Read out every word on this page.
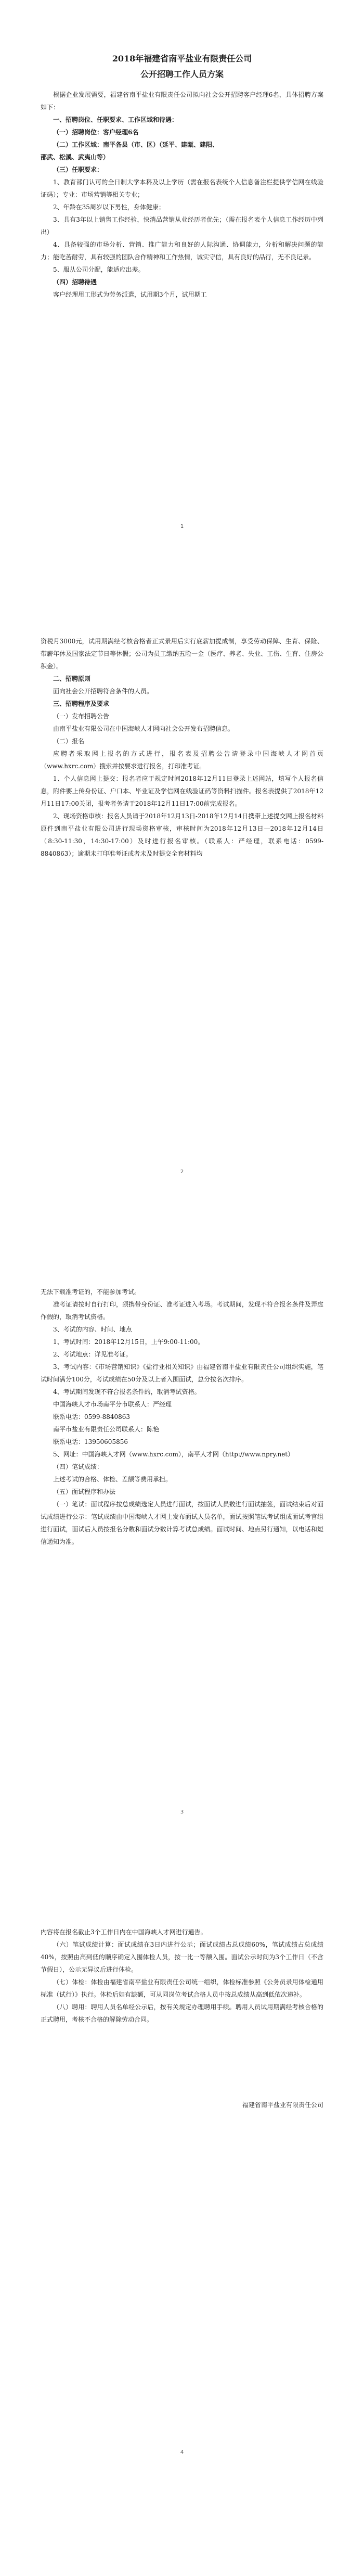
2018年福建省南平盐业有限责任公司
公开招聘工作人员方案

根据企业发展需要，福建省南平盐业有限责任公司拟向社会公开招聘客户经理6名，具体招聘方案如下：

一、招聘岗位、任职要求、工作区域和待遇：

（一）招聘岗位：客户经理6名

（二）工作区域：南平各县（市、区）（延平、建瓯、建阳、

邵武、松溪、武夷山等）

（三）任职要求：

1、教育部门认可的全日制大学本科及以上学历（需在报名表统个人信息备注栏提供学信网在线验证码）；专业：市场营销等相关专业；

2、年龄在35周岁以下男性，身体健康；

3、具有3年以上销售工作经验，快消品营销从业经历者优先；（需在报名表个人信息工作经历中列出）

4、具备较强的市场分析、营销、推广能力和良好的人际沟通、协调能力，分析和解决问题的能力；能吃苦耐劳，具有较强的团队合作精神和工作热情，诚实守信，具有良好的品行，无不良记录。

5、服从公司分配，能适应出差。

（四）招聘待遇

客户经理用工形式为劳务派遣，试用期3个月，试用期工

1

资税月3000元，试用期满经考核合格者正式录用后实行底薪加提成制，享受劳动保障、生育、保险、带薪年休及国家法定节日等休假；公司为员工缴纳五险一金（医疗、养老、失业、工伤、生育、住房公积金）。

二、招聘原则

面向社会公开招聘符合条件的人员。

三、招聘程序及要求

（一）发布招聘公告

由南平盐业有限公司在中国海峡人才网向社会公开发布招聘信息。

（二）报名

应聘者采取网上报名的方式进行，报名表及招聘公告请登录中国海峡人才网首页（www.hxrc.com）搜索并按要求进行报名，打印准考证。

1、个人信息网上提交：报名者应于规定时间2018年12月11日登录上述网站，填写个人报名信息，附件要上传身份证、户口本、毕业证及学信网在线验证码等资料扫描件。报名表提供了2018年12月11日17:00关闭，报考者务请于2018年12月11日17:00前完成报名。

2、现场资格审核：报名人员请于2018年12月13日-2018年12月14日携带上述提交网上报名材料原件到南平盐业有限公司进行现场资格审核，审核时间为2018年12月13日—2018年12月14日（8:30-11:30，14:30-17:00）及时进行报名审核。（联系人：严经理，联系电话：0599-8840863）；逾期未打印准考证或者未及时提交全套材料均

2

无法下载准考证的，不能参加考试。

准考证请按时自行打印，须携带身份证、准考证进入考场。考试期间，发现不符合报名条件及弄虚作假的，取消考试资格。

3、考试的内容、时间、地点

1、考试时间：2018年12月15日，上午9:00-11:00。

2、考试地点：详见准考证。

3、考试内容：《市场营销知识》《盐行业相关知识》由福建省南平盐业有限责任公司组织实施，笔试时间满分100分，考试成绩在50分及以上者入围面试，总分按名次排序。

4、考试期间发现不符合报名条件的，取消考试资格。

中国海峡人才市场南平分市联系人：严经理

联系电话：0599-8840863

南平市盐业有限责任公司联系人：陈艳

联系电话：13950605856

5、网址：中国海峡人才网（www.hxrc.com），南平人才网（http://www.npry.net）

（四）笔试成绩：

上述考试的合格、体检、差额等费用承担。

（五）面试程序和办法

（一）笔试：面试程序按总成绩选定人员进行面试，按面试人员数进行面试抽签，面试结束后对面试成绩进行公示：笔试成绩由中国海峡人才网上发布面试人员名单，面试按照笔试考试组成面试考官组进行面试，面试后人员按报名分数和面试分数计算考试总成绩。面试时间、地点另行通知，以电话和短信通知为准。

3

内容将在报名截止3个工作日内在中国海峡人才网进行通告。

（六）笔试成绩计算：面试成绩在3日内进行公示；面试成绩占总成绩60%，笔试成绩占总成绩40%，按照由高到低的顺序确定入围体检人员，按一比一等额入围。面试公示时间为3个工作日（不含节假日），公示无异议后进行体检。

（七）体检：体检由福建省南平盐业有限责任公司统一组织，体检标准参照《公务员录用体检通用标准（试行）》执行。体检后如有缺额，可从同岗位考试合格人员中按总成绩从高到低依次递补。

（八）聘用：聘用人员名单经公示后，按有关规定办理聘用手续。聘用人员试用期满经考核合格的正式聘用，考核不合格的解除劳动合同。

福建省南平盐业有限责任公司

4
